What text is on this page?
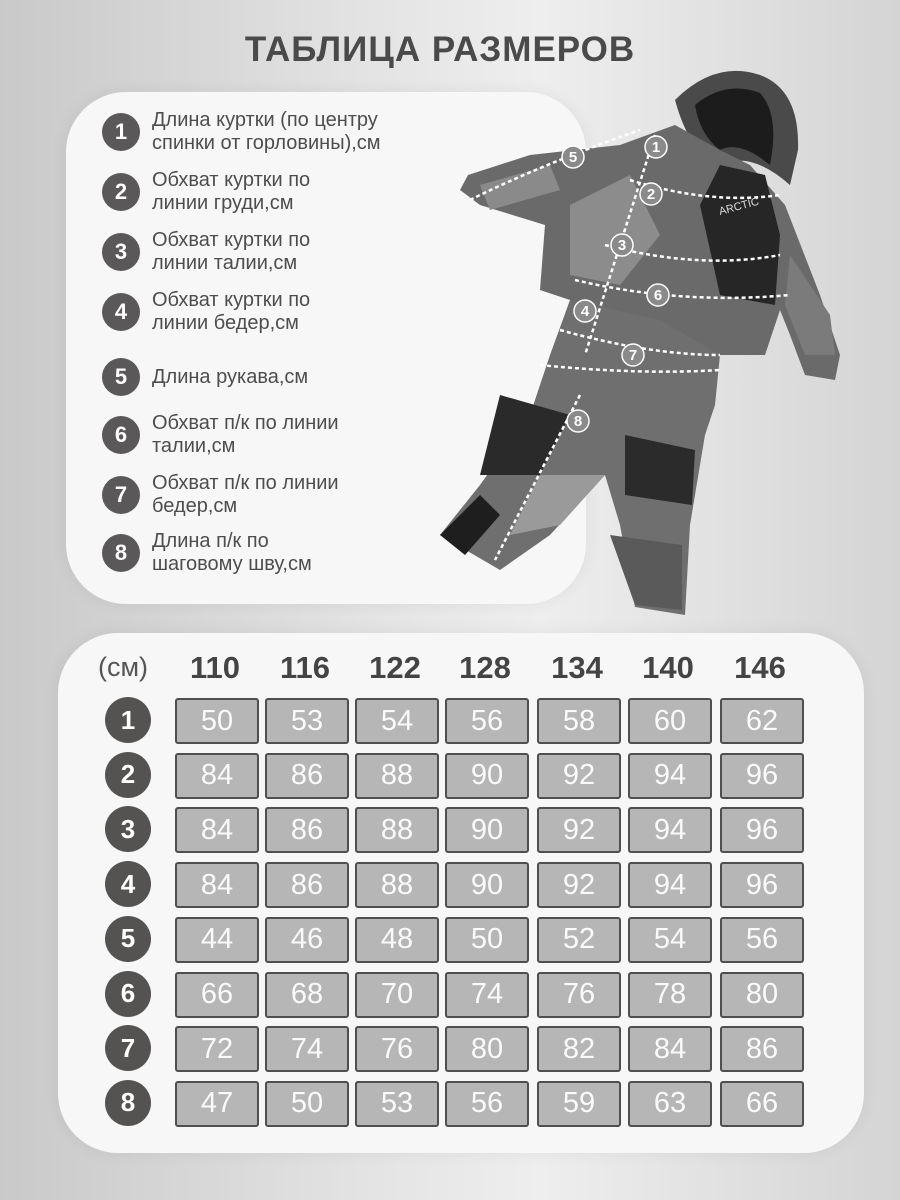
ТАБЛИЦА РАЗМЕРОВ
1	Длина куртки (по центру спинки от горловины),см
2	Обхват куртки по линии груди,см
3	Обхват куртки по линии талии,см
4	Обхват куртки по линии бедер,см
5	Длина рукава,см
6	Обхват п/к по линии талии,см
7	Обхват п/к по линии бедер,см
8	Длина п/к по шаговому шву,см
1
2
3
4
5
6
7
8
ARCTIC
(см)	110	116	122	128	134	140	146
1	50	53	54	56	58	60	62
2	84	86	88	90	92	94	96
3	84	86	88	90	92	94	96
4	84	86	88	90	92	94	96
5	44	46	48	50	52	54	56
6	66	68	70	74	76	78	80
7	72	74	76	80	82	84	86
8	47	50	53	56	59	63	66
